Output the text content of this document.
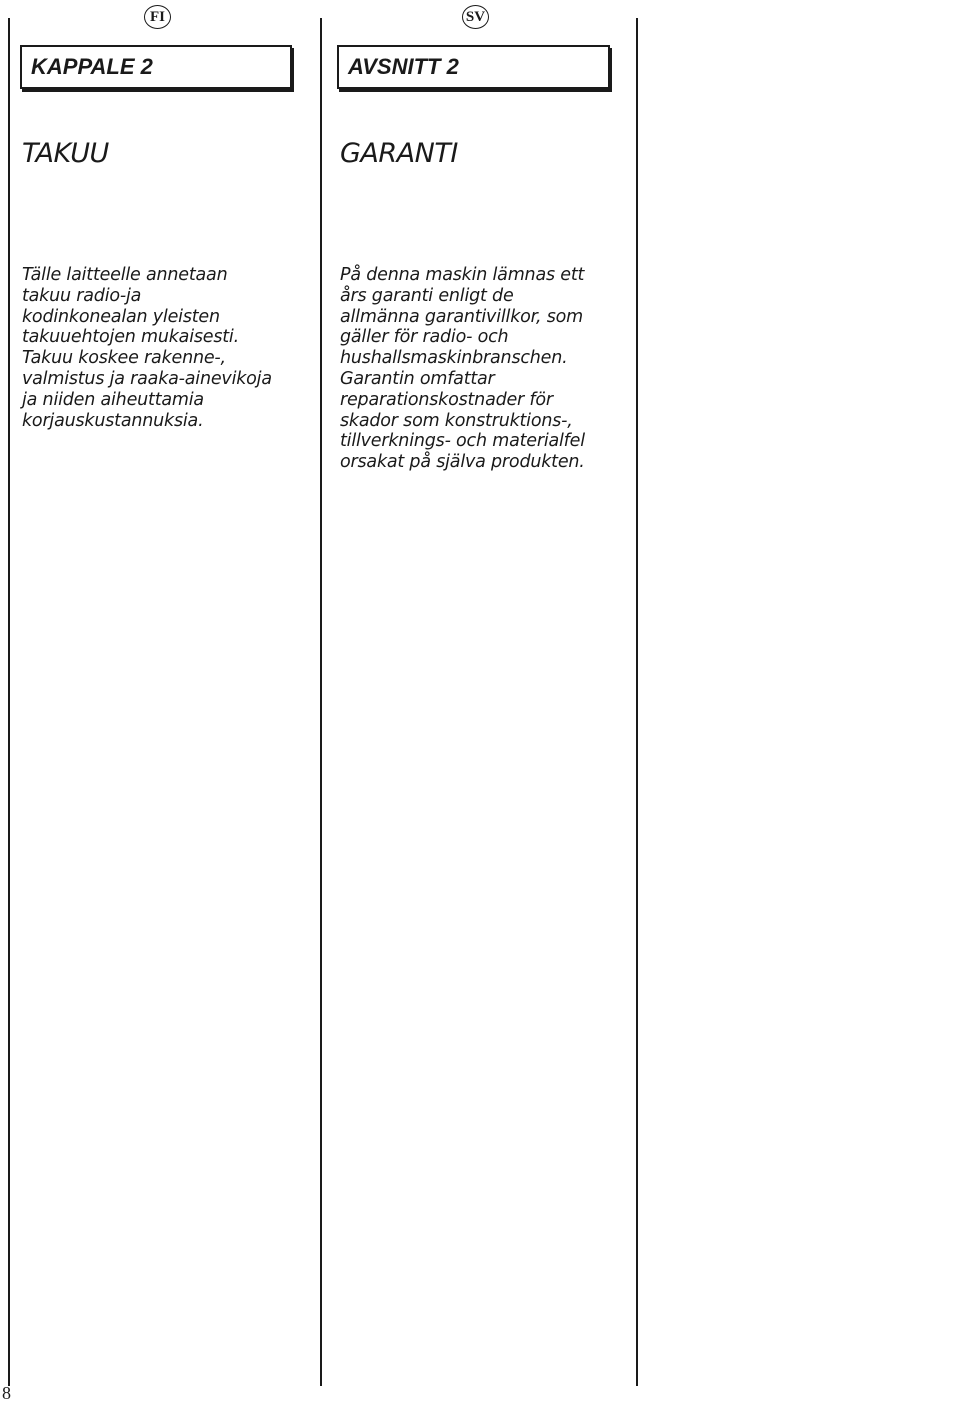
FI
KAPPALE 2
TAKUU
Tälle laitteelle annetaan
takuu radio-ja
kodinkonealan yleisten
takuuehtojen mukaisesti.
Takuu koskee rakenne-,
valmistus ja raaka-ainevikoja
ja niiden aiheuttamia
korjauskustannuksia.
SV
AVSNITT 2
GARANTI
På denna maskin lämnas ett
års garanti enligt de
allmänna garantivillkor, som
gäller för radio- och
hushallsmaskinbranschen.
Garantin omfattar
reparationskostnader för
skador som konstruktions-,
tillverknings- och materialfel
orsakat på själva produkten.
8
